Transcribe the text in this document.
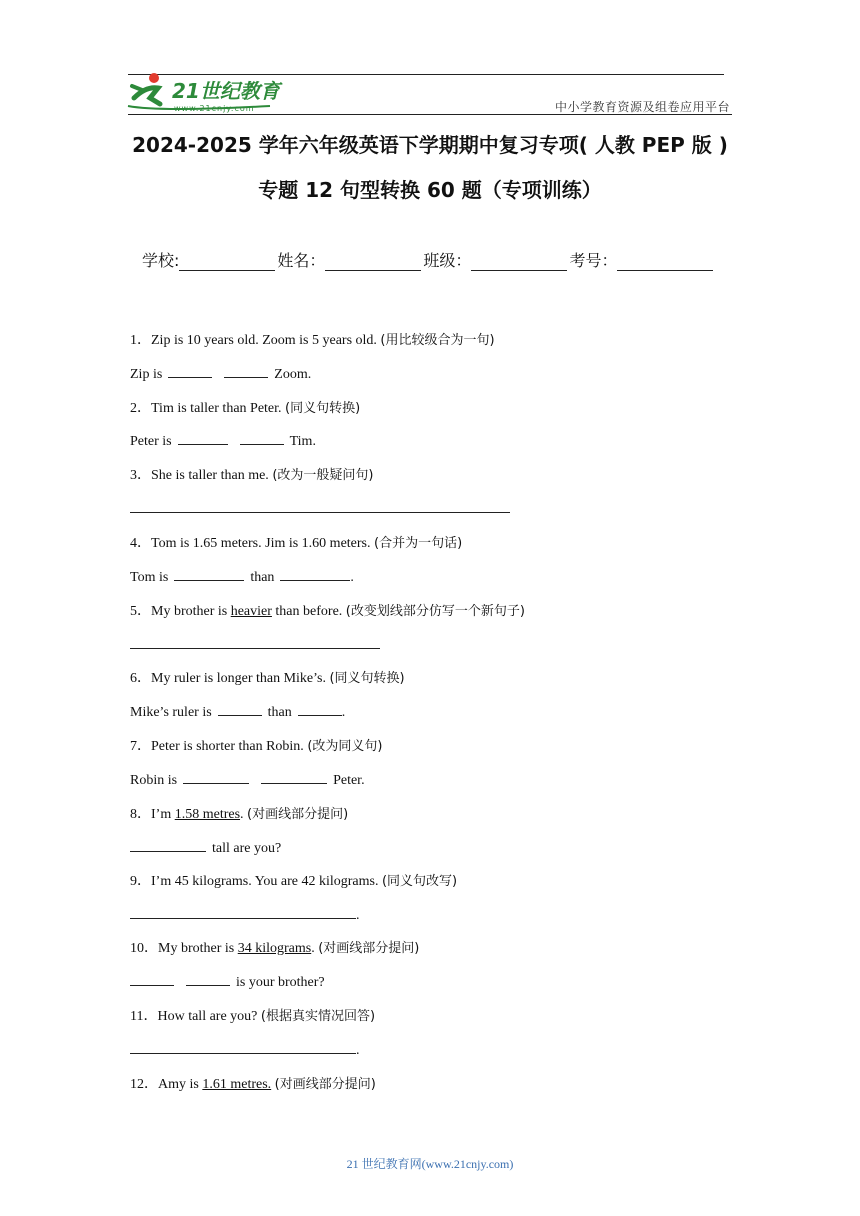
21世纪教育
www.21cnjy.com	中小学教育资源及组卷应用平台
2024-2025 学年六年级英语下学期期中复习专项( 人教 PEP 版 )
专题 12 句型转换 60 题（专项训练）
学校:	姓名：	班级：	考号：
1．Zip is 10 years old. Zoom is 5 years old. (用比较级合为一句)
Zip is	Zoom.
2．Tim is taller than Peter. (同义句转换)
Peter is	Tim.
3．She is taller than me. (改为一般疑问句)
4．Tom is 1.65 meters. Jim is 1.60 meters. (合并为一句话)
Tom is	than	.
5．My brother is heavier than before. (改变划线部分仿写一个新句子)
6．My ruler is longer than Mike’s. (同义句转换)
Mike’s ruler is	than	.
7．Peter is shorter than Robin. (改为同义句)
Robin is	Peter.
8．I’m 1.58 metres. (对画线部分提问)
tall are you?
9．I’m 45 kilograms. You are 42 kilograms. (同义句改写)
.
10．My brother is 34 kilograms. (对画线部分提问)
is your brother?
11．How tall are you? (根据真实情况回答)
.
12．Amy is 1.61 metres. (对画线部分提问)
21 世纪教育网(www.21cnjy.com)
